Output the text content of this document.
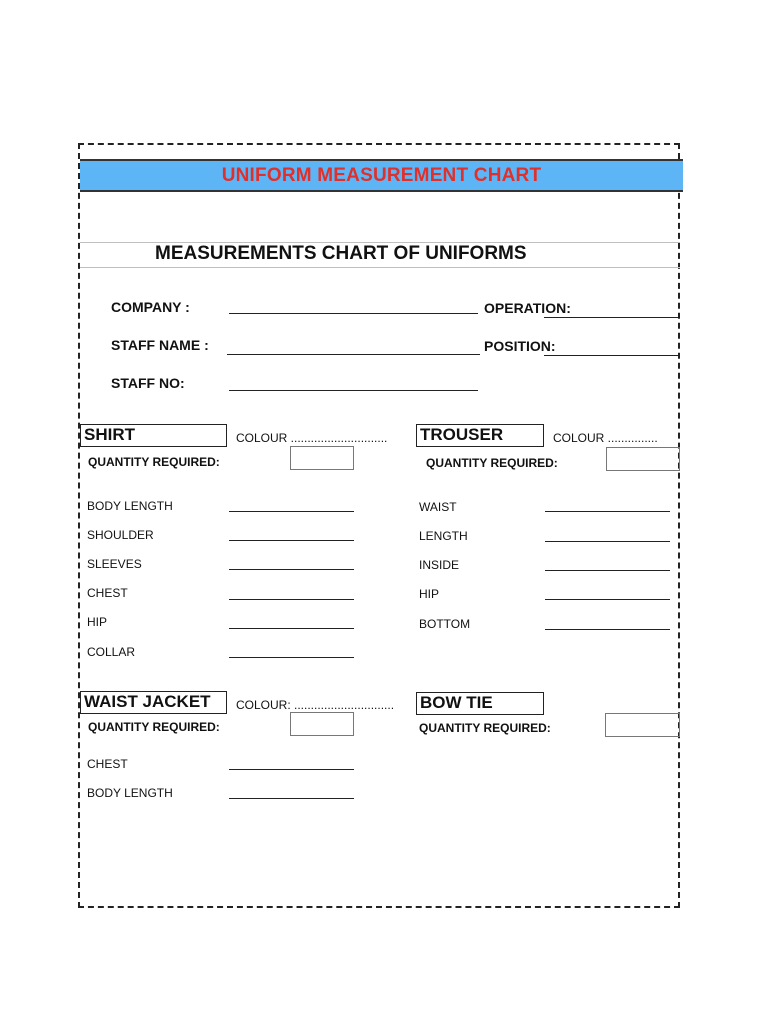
UNIFORM MEASUREMENT CHART
MEASUREMENTS CHART OF UNIFORMS
COMPANY :	OPERATION:
STAFF NAME :	POSITION:
STAFF NO:
SHIRT	COLOUR .............................
QUANTITY REQUIRED:
BODY LENGTH
SHOULDER
SLEEVES
CHEST
HIP
COLLAR
TROUSER	COLOUR ...............
QUANTITY REQUIRED:
WAIST
LENGTH
INSIDE
HIP
BOTTOM
WAIST JACKET	COLOUR: ..............................
QUANTITY REQUIRED:
CHEST
BODY LENGTH
BOW TIE
QUANTITY REQUIRED:
